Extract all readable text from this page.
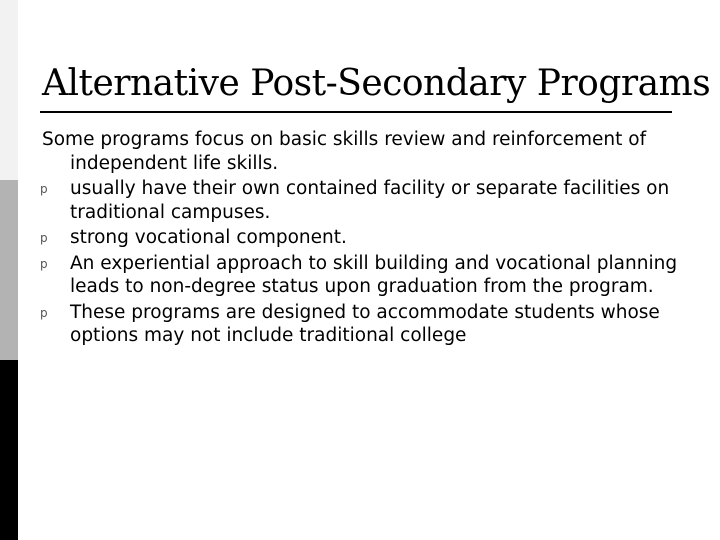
Alternative Post-Secondary Programs

Some programs focus on basic skills review and reinforcement of independent life skills.

p usually have their own contained facility or separate facilities on traditional campuses.
p strong vocational component.
p An experiential approach to skill building and vocational planning leads to non-degree status upon graduation from the program.
p These programs are designed to accommodate students whose options may not include traditional college
